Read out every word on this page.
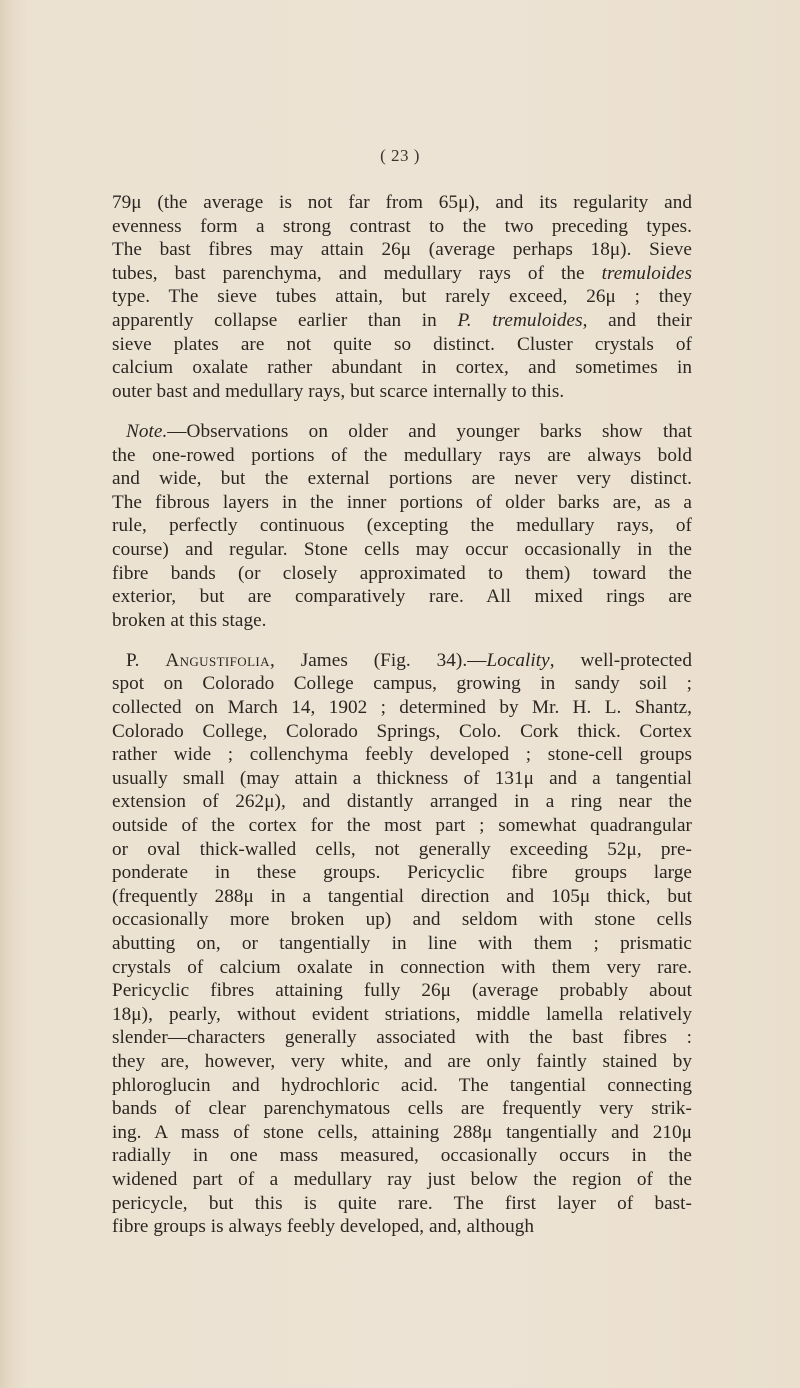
( 23 )
79μ (the average is not far from 65μ), and its regularity and
evenness form a strong contrast to the two preceding types.
The bast fibres may attain 26μ (average perhaps 18μ). Sieve
tubes, bast parenchyma, and medullary rays of the tremuloides
type. The sieve tubes attain, but rarely exceed, 26μ ; they
apparently collapse earlier than in P. tremuloides, and their
sieve plates are not quite so distinct. Cluster crystals of
calcium oxalate rather abundant in cortex, and sometimes in
outer bast and medullary rays, but scarce internally to this.
Note.—Observations on older and younger barks show that
the one-rowed portions of the medullary rays are always bold
and wide, but the external portions are never very distinct.
The fibrous layers in the inner portions of older barks are, as a
rule, perfectly continuous (excepting the medullary rays, of
course) and regular. Stone cells may occur occasionally in the
fibre bands (or closely approximated to them) toward the
exterior, but are comparatively rare. All mixed rings are
broken at this stage.
P. Angustifolia, James (Fig. 34).—Locality, well-protected
spot on Colorado College campus, growing in sandy soil ;
collected on March 14, 1902 ; determined by Mr. H. L. Shantz,
Colorado College, Colorado Springs, Colo. Cork thick. Cortex
rather wide ; collenchyma feebly developed ; stone-cell groups
usually small (may attain a thickness of 131μ and a tangential
extension of 262μ), and distantly arranged in a ring near the
outside of the cortex for the most part ; somewhat quadrangular
or oval thick-walled cells, not generally exceeding 52μ, pre-
ponderate in these groups. Pericyclic fibre groups large
(frequently 288μ in a tangential direction and 105μ thick, but
occasionally more broken up) and seldom with stone cells
abutting on, or tangentially in line with them ; prismatic
crystals of calcium oxalate in connection with them very rare.
Pericyclic fibres attaining fully 26μ (average probably about
18μ), pearly, without evident striations, middle lamella relatively
slender—characters generally associated with the bast fibres :
they are, however, very white, and are only faintly stained by
phloroglucin and hydrochloric acid. The tangential connecting
bands of clear parenchymatous cells are frequently very strik-
ing. A mass of stone cells, attaining 288μ tangentially and 210μ
radially in one mass measured, occasionally occurs in the
widened part of a medullary ray just below the region of the
pericycle, but this is quite rare. The first layer of bast-
fibre groups is always feebly developed, and, although
